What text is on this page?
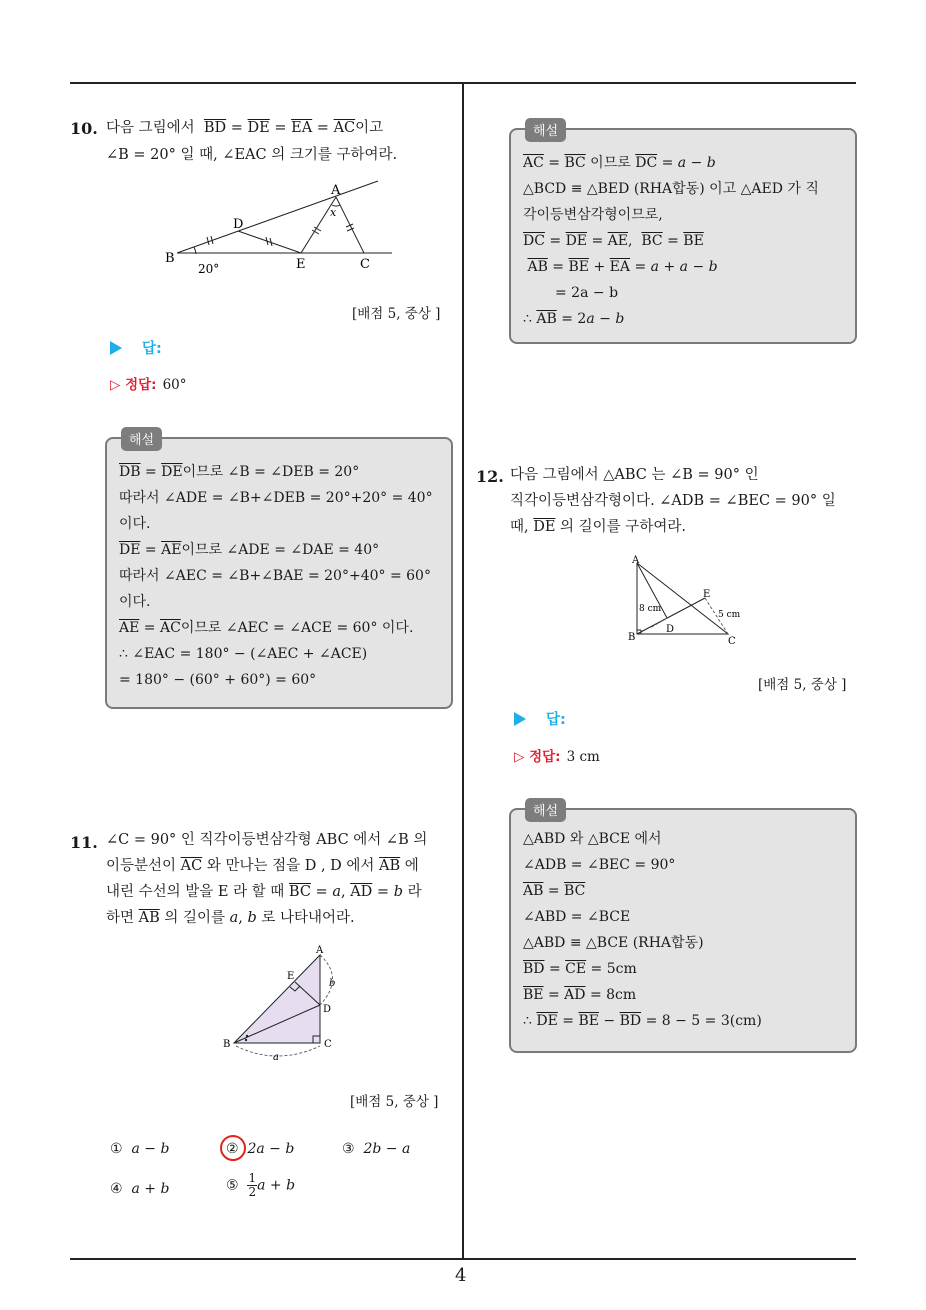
4
10. 다음 그림에서  $\overline{BD} = \overline{DE} = \overline{EA} = \overline{AC}$이고
∠B = 20° 일 때, ∠EAC 의 크기를 구하여라.
A
B	C
D
E
x
20°
[배점 5, 중상 ]
답:
▷ 정답: 60°
해설
$\overline{DB} = \overline{DE}$이므로 ∠B = ∠DEB = 20°
따라서 ∠ADE = ∠B+∠DEB = 20°+20° = 40°
이다.
$\overline{DE} = \overline{AE}$이므로 ∠ADE = ∠DAE = 40°
따라서 ∠AEC = ∠B+∠BAE = 20°+40° = 60°
이다.
$\overline{AE} = \overline{AC}$이므로 ∠AEC = ∠ACE = 60° 이다.
∴ ∠EAC = 180° − (∠AEC + ∠ACE)
= 180° − (60° + 60°) = 60°
11. ∠C = 90° 인 직각이등변삼각형 ABC 에서 ∠B 의
이등분선이 $\overline{AC}$ 와 만나는 점을 D , D 에서 $\overline{AB}$ 에
내린 수선의 발을 E 라 할 때 $\overline{BC} = a$, $\overline{AD} = b$ 라
하면 $\overline{AB}$ 의 길이를 a, b 로 나타내어라.
A
B	C
D
E
a
b
[배점 5, 중상 ]
① a − b	② 2a − b	③ 2b − a
④ a + b	⑤ $\frac{1}{2}$ a + b
해설
$\overline{AC} = \overline{BC}$ 이므로 $\overline{DC} = a - b$
△BCD ≡ △BED (RHA합동) 이고 △AED 가 직
각이등변삼각형이므로,
$\overline{DC} = \overline{DE} = \overline{AE}$,  $\overline{BC} = \overline{BE}$
$\overline{AB} = \overline{BE} + \overline{EA} = a + a - b$
= 2a − b
∴ $\overline{AB} = 2a - b$
12. 다음 그림에서 △ABC 는 ∠B = 90° 인
직각이등변삼각형이다. ∠ADB = ∠BEC = 90° 일
때, $\overline{DE}$ 의 길이를 구하여라.
A
B	C
D
E
8 cm
5 cm
[배점 5, 중상 ]
답:
▷ 정답: 3 cm
해설
△ABD 와 △BCE 에서
∠ADB = ∠BEC = 90°
$\overline{AB} = \overline{BC}$
∠ABD = ∠BCE
△ABD ≡ △BCE (RHA합동)
$\overline{BD} = \overline{CE} = 5cm$
$\overline{BE} = \overline{AD} = 8cm$
∴ $\overline{DE} = \overline{BE} - \overline{BD} = 8 - 5 = 3(cm)$
